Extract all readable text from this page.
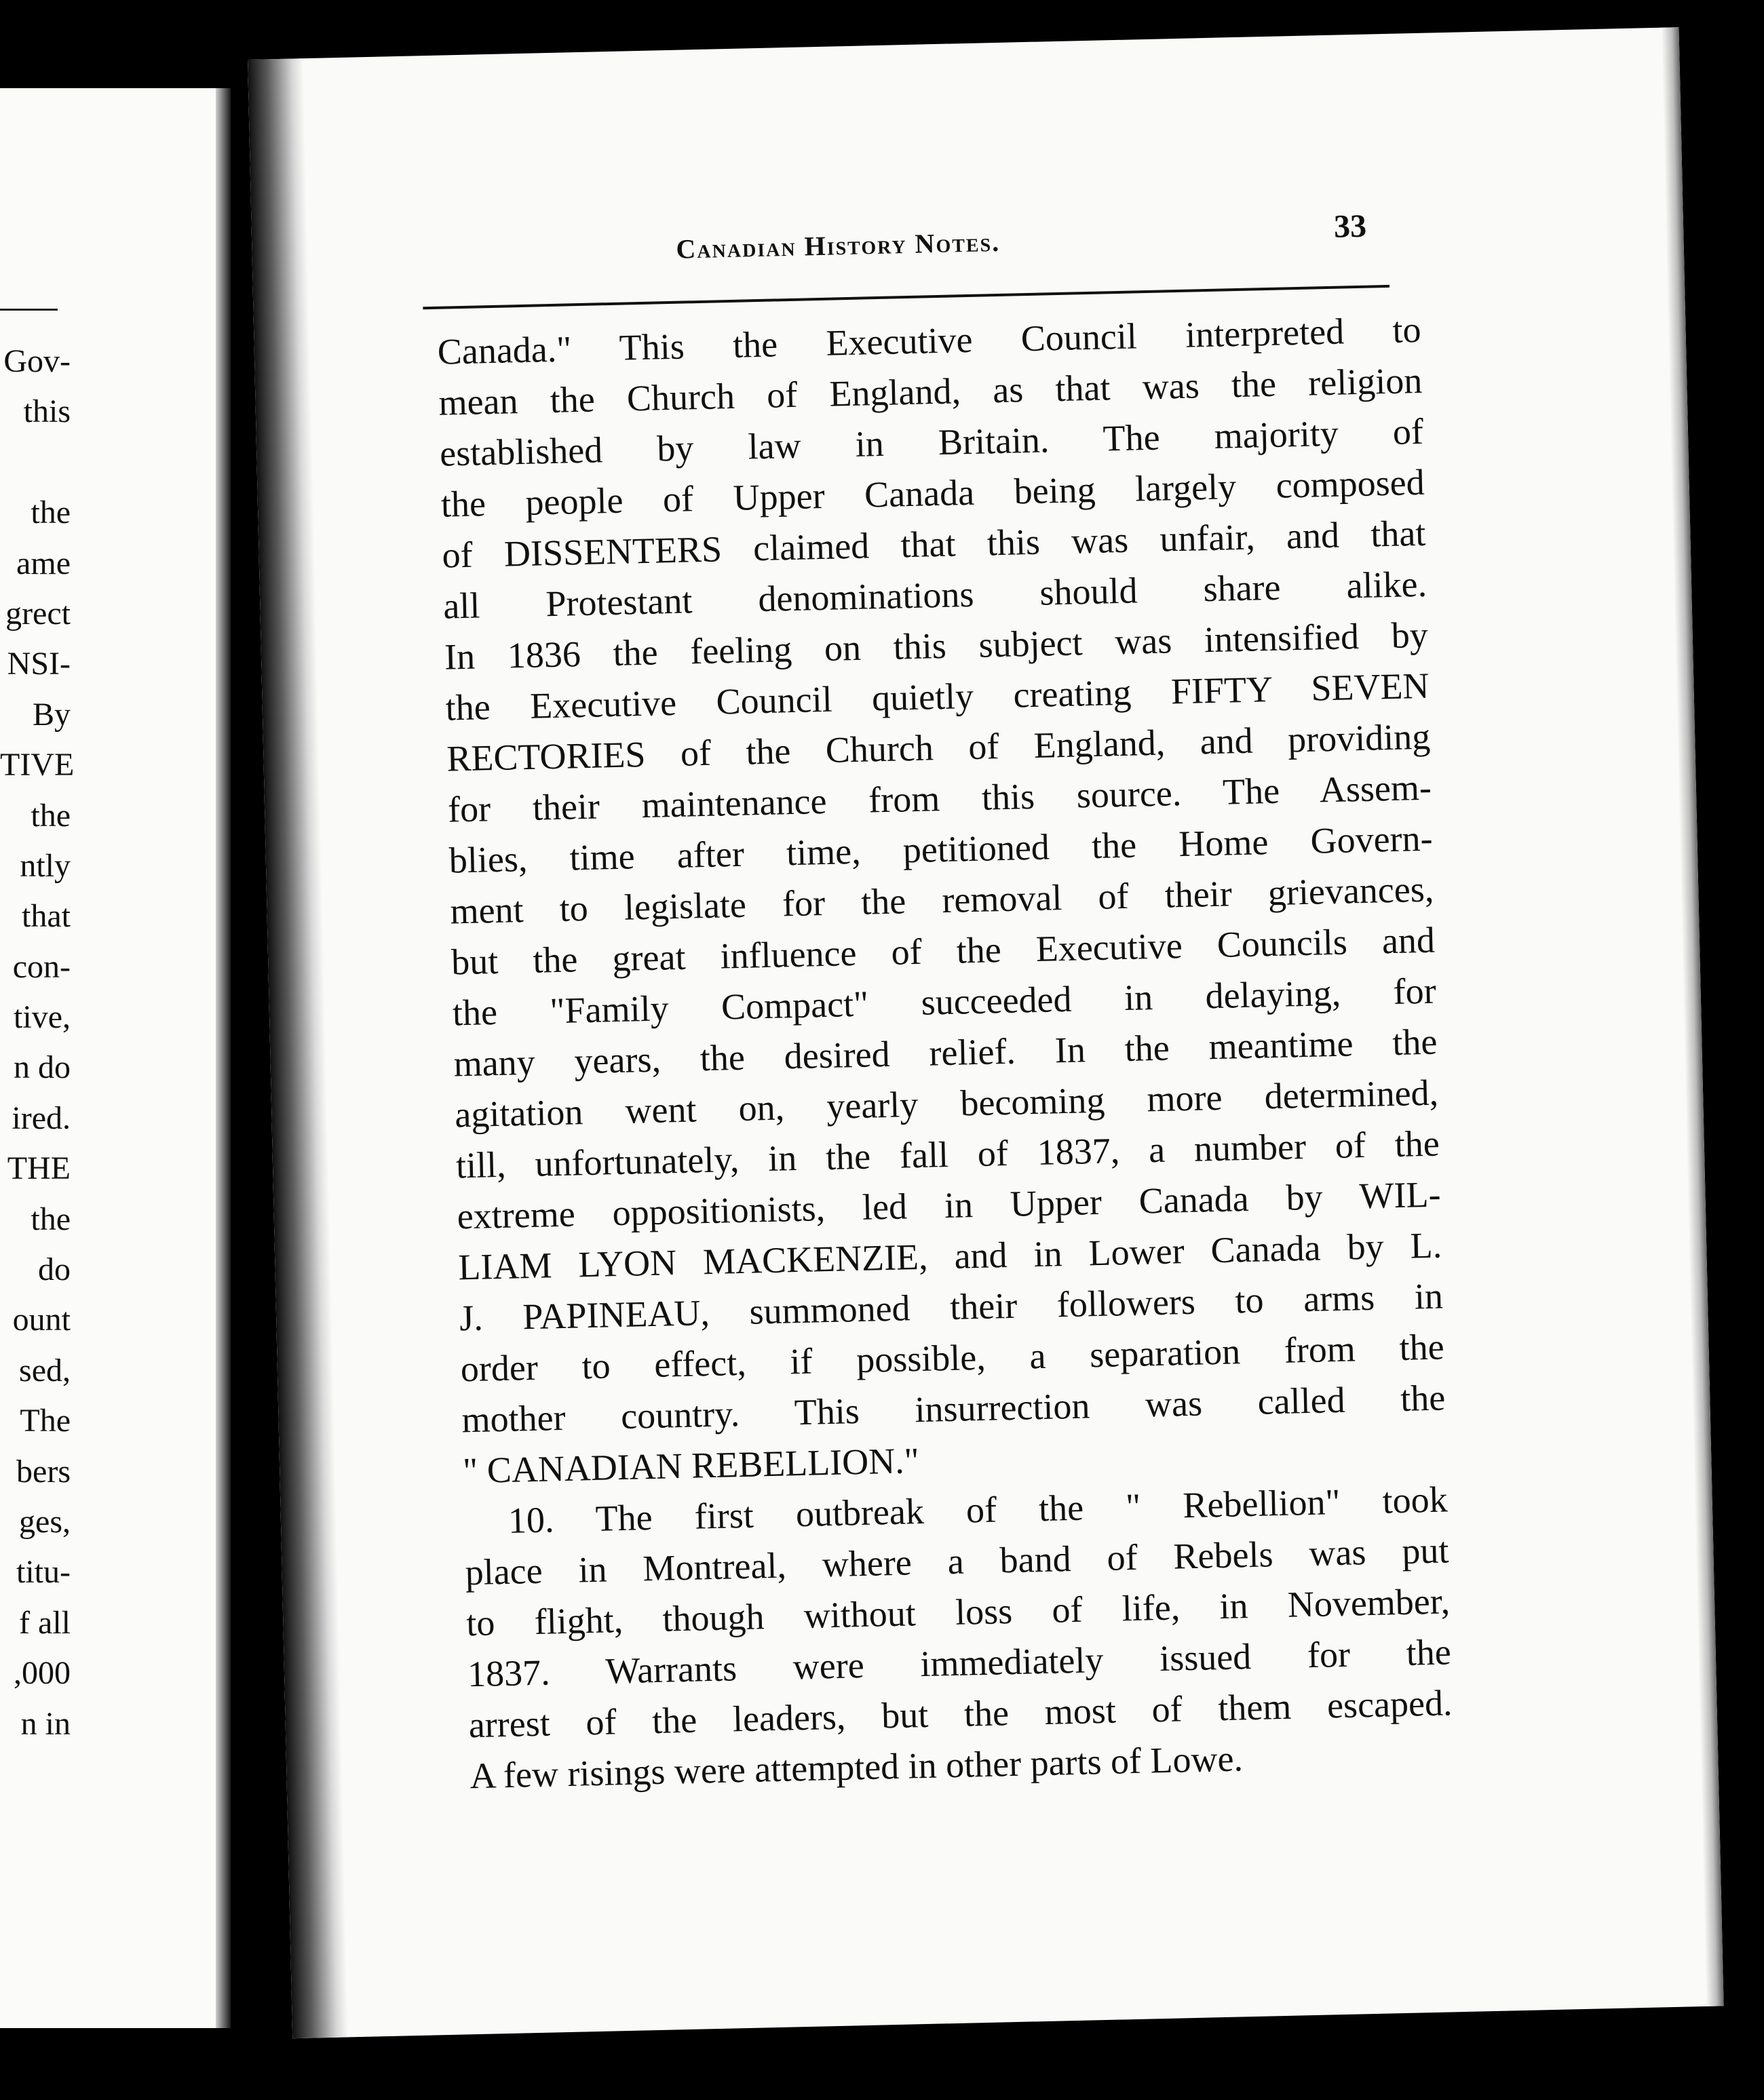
Gov-
this
the
ame
grect
NSI-
By
TIVE
the
ntly
that
con-
tive,
n do
ired.
THE
the
do
ount
sed,
The
bers
ges,
titu-
f all
,000
n in
Canadian History Notes.
33
Canada." This the Executive Council interpreted to
mean the Church of England, as that was the religion
established by law in Britain. The majority of
the people of Upper Canada being largely composed
of DISSENTERS claimed that this was unfair, and that
all Protestant denominations should share alike.
In 1836 the feeling on this subject was intensified by
the Executive Council quietly creating FIFTY SEVEN
RECTORIES of the Church of England, and providing
for their maintenance from this source. The Assem-
blies, time after time, petitioned the Home Govern-
ment to legislate for the removal of their grievances,
but the great influence of the Executive Councils and
the "Family Compact" succeeded in delaying, for
many years, the desired relief. In the meantime the
agitation went on, yearly becoming more determined,
till, unfortunately, in the fall of 1837, a number of the
extreme oppositionists, led in Upper Canada by WIL-
LIAM LYON MACKENZIE, and in Lower Canada by L.
J. PAPINEAU, summoned their followers to arms in
order to effect, if possible, a separation from the
mother country. This insurrection was called the
" CANADIAN REBELLION."
10. The first outbreak of the " Rebellion" took
place in Montreal, where a band of Rebels was put
to flight, though without loss of life, in November,
1837. Warrants were immediately issued for the
arrest of the leaders, but the most of them escaped.
A few risings were attempted in other parts of Lowe.
